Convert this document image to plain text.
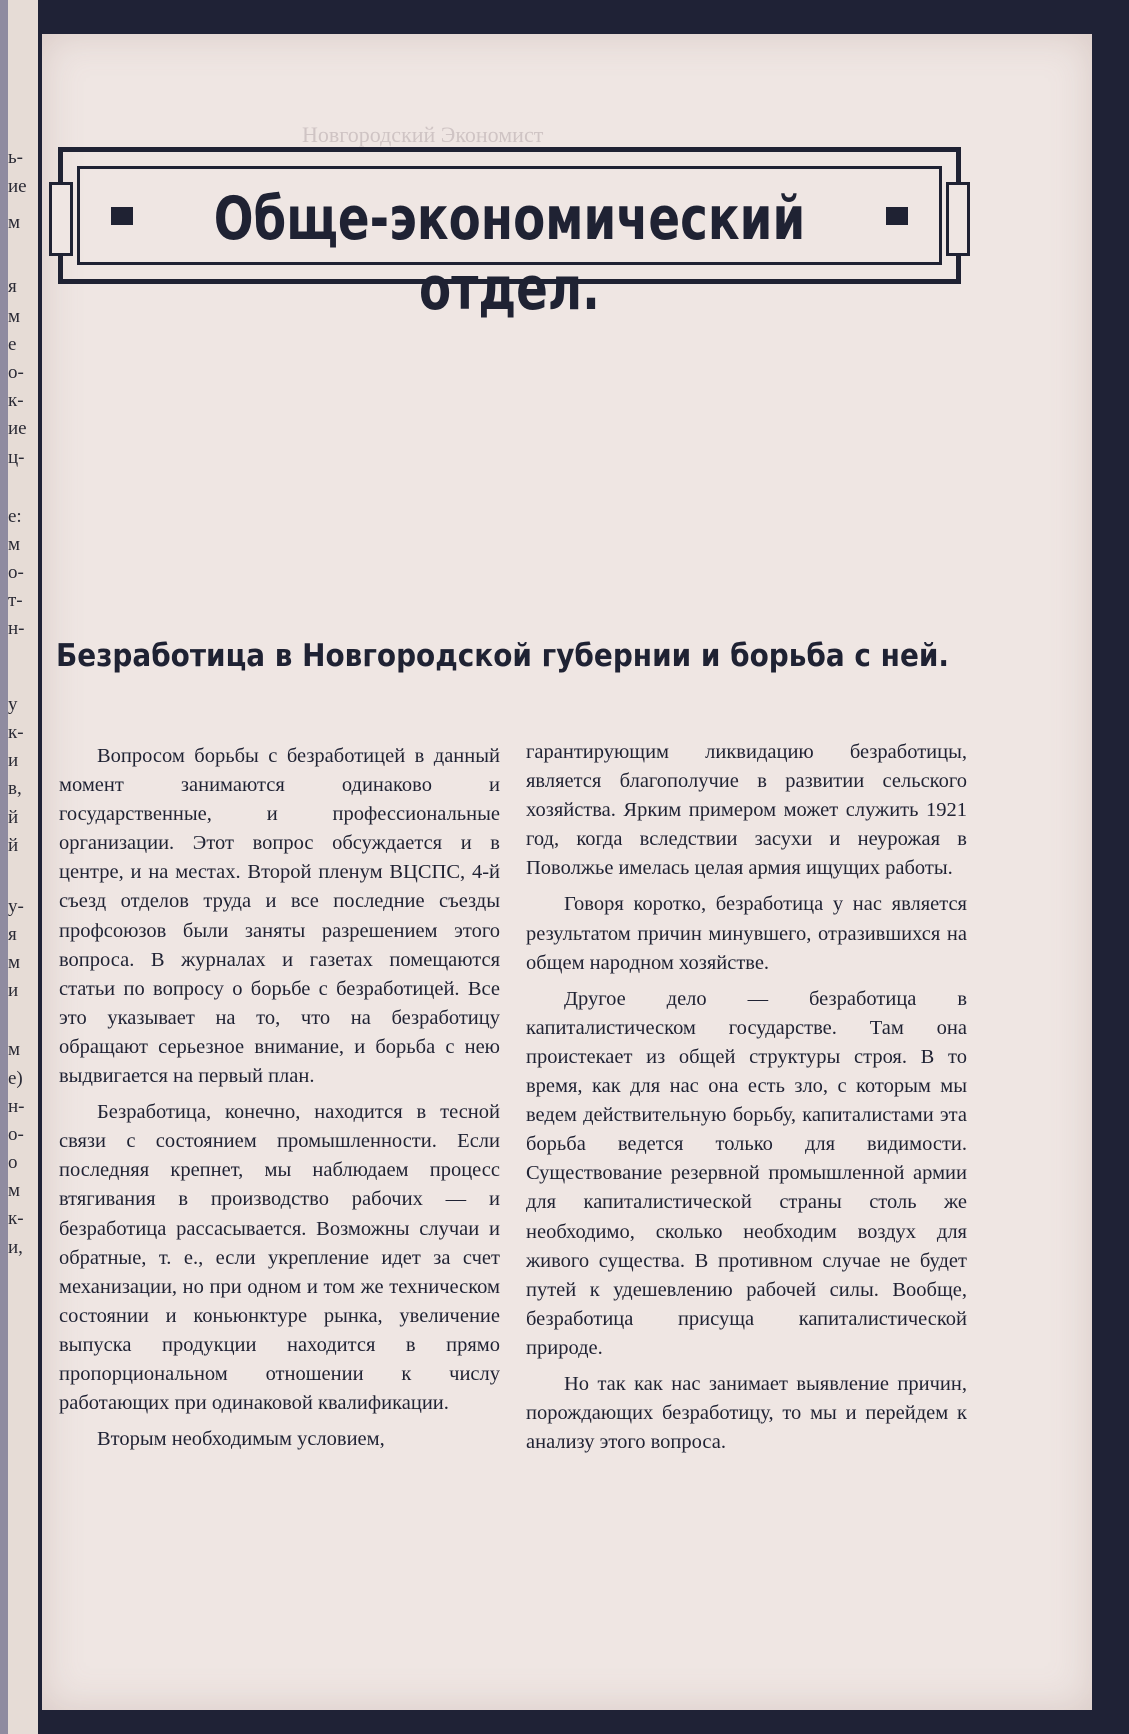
ь-
ие
м
я
м
е
о-
к-
ие
ц-
е:
м
о-
т-
н-
у
к-
и
в,
й
й
у-
я
м
и
м
е)
н-
о-
о
м
к-
и,
Новгородский Экономист
Обще-экономический отдел.
Безработица в Новгородской губернии и борьба с ней.

Вопросом борьбы с безработицей в данный момент занимаются одинаково и государственные, и профессиональные организации. Этот вопрос обсуждается и в центре, и на местах. Второй пленум ВЦСПС, 4-й съезд отделов труда и все последние съезды профсоюзов были заняты разрешением этого вопроса. В журналах и газетах помещаются статьи по вопросу о борьбе с безработицей. Все это указывает на то, что на безработицу обращают серьезное внимание, и борьба с нею выдвигается на первый план.

Безработица, конечно, находится в тесной связи с состоянием промышленности. Если последняя крепнет, мы наблюдаем процесс втягивания в производство рабочих — и безработица рассасывается. Возможны случаи и обратные, т. е., если укрепление идет за счет механизации, но при одном и том же техническом состоянии и коньюнктуре рынка, увеличение выпуска продукции находится в прямо пропорциональном отношении к числу работающих при одинаковой квалификации.

Вторым необходимым условием,

гарантирующим ликвидацию безработицы, является благополучие в развитии сельского хозяйства. Ярким примером может служить 1921 год, когда вследствии засухи и неурожая в Поволжье имелась целая армия ищущих работы.

Говоря коротко, безработица у нас является результатом причин минувшего, отразившихся на общем народном хозяйстве.

Другое дело — безработица в капиталистическом государстве. Там она проистекает из общей структуры строя. В то время, как для нас она есть зло, с которым мы ведем действительную борьбу, капиталистами эта борьба ведется только для видимости. Существование резервной промышленной армии для капиталистической страны столь же необходимо, сколько необходим воздух для живого существа. В противном случае не будет путей к удешевлению рабочей силы. Вообще, безработица присуща капиталистической природе.

Но так как нас занимает выявление причин, порождающих безработицу, то мы и перейдем к анализу этого вопроса.
